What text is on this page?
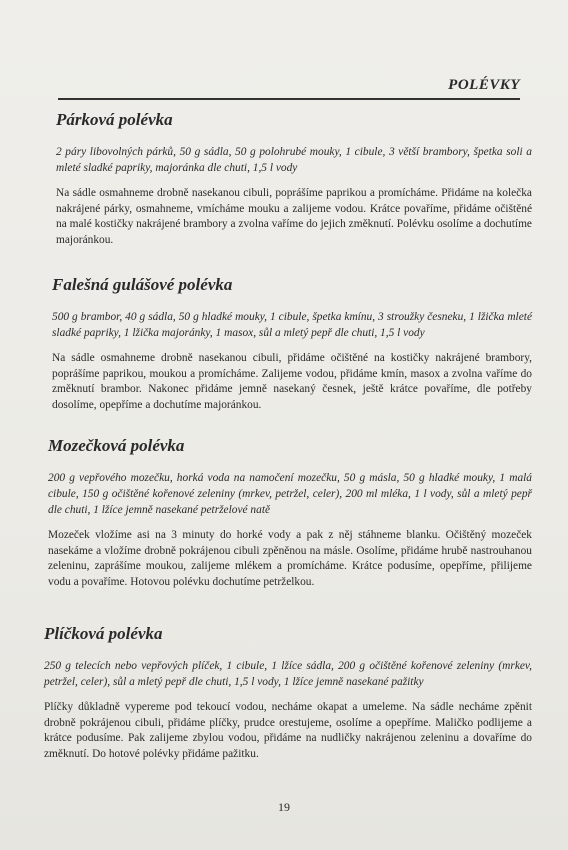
POLÉVKY
Párková polévka

2 páry libovolných párků, 50 g sádla, 50 g polohrubé mouky, 1 cibule, 3 větší brambory, špetka soli a mleté sladké papriky, majoránka dle chuti, 1,5 l vody

Na sádle osmahneme drobně nasekanou cibuli, poprášíme paprikou a promícháme. Přidáme na kolečka nakrájené párky, osmahneme, vmícháme mouku a zalijeme vodou. Krátce povaříme, přidáme očištěné na malé kostičky nakrájené brambory a zvolna vaříme do jejich změknutí. Polévku osolíme a dochutíme majoránkou.

Falešná gulášové polévka

500 g brambor, 40 g sádla, 50 g hladké mouky, 1 cibule, špetka kmínu, 3 stroužky česneku, 1 lžička mleté sladké papriky, 1 lžička majoránky, 1 masox, sůl a mletý pepř dle chuti, 1,5 l vody

Na sádle osmahneme drobně nasekanou cibuli, přidáme očištěné na kostičky nakrájené brambory, poprášíme paprikou, moukou a promícháme. Zalijeme vodou, přidáme kmín, masox a zvolna vaříme do změknutí brambor. Nakonec přidáme jemně nasekaný česnek, ještě krátce povaříme, dle potřeby dosolíme, opepříme a dochutíme majoránkou.

Mozečková polévka

200 g vepřového mozečku, horká voda na namočení mozečku, 50 g másla, 50 g hladké mouky, 1 malá cibule, 150 g očištěné kořenové zeleniny (mrkev, petržel, celer), 200 ml mléka, 1 l vody, sůl a mletý pepř dle chuti, 1 lžíce jemně nasekané petrželové natě

Mozeček vložíme asi na 3 minuty do horké vody a pak z něj stáhneme blanku. Očištěný mozeček nasekáme a vložíme drobně pokrájenou cibuli zpěněnou na másle. Osolíme, přidáme hrubě nastrouhanou zeleninu, zaprášíme moukou, zalijeme mlékem a promícháme. Krátce podusíme, opepříme, přilijeme vodu a povaříme. Hotovou polévku dochutíme petrželkou.

Plíčková polévka

250 g telecích nebo vepřových plíček, 1 cibule, 1 lžíce sádla, 200 g očištěné kořenové zeleniny (mrkev, petržel, celer), sůl a mletý pepř dle chuti, 1,5 l vody, 1 lžíce jemně nasekané pažitky

Plíčky důkladně vypereme pod tekoucí vodou, necháme okapat a umeleme. Na sádle necháme zpěnit drobně pokrájenou cibuli, přidáme plíčky, prudce orestujeme, osolíme a opepříme. Maličko podlijeme a krátce podusíme. Pak zalijeme zbylou vodou, přidáme na nudličky nakrájenou zeleninu a dovaříme do změknutí. Do hotové polévky přidáme pažitku.

19
